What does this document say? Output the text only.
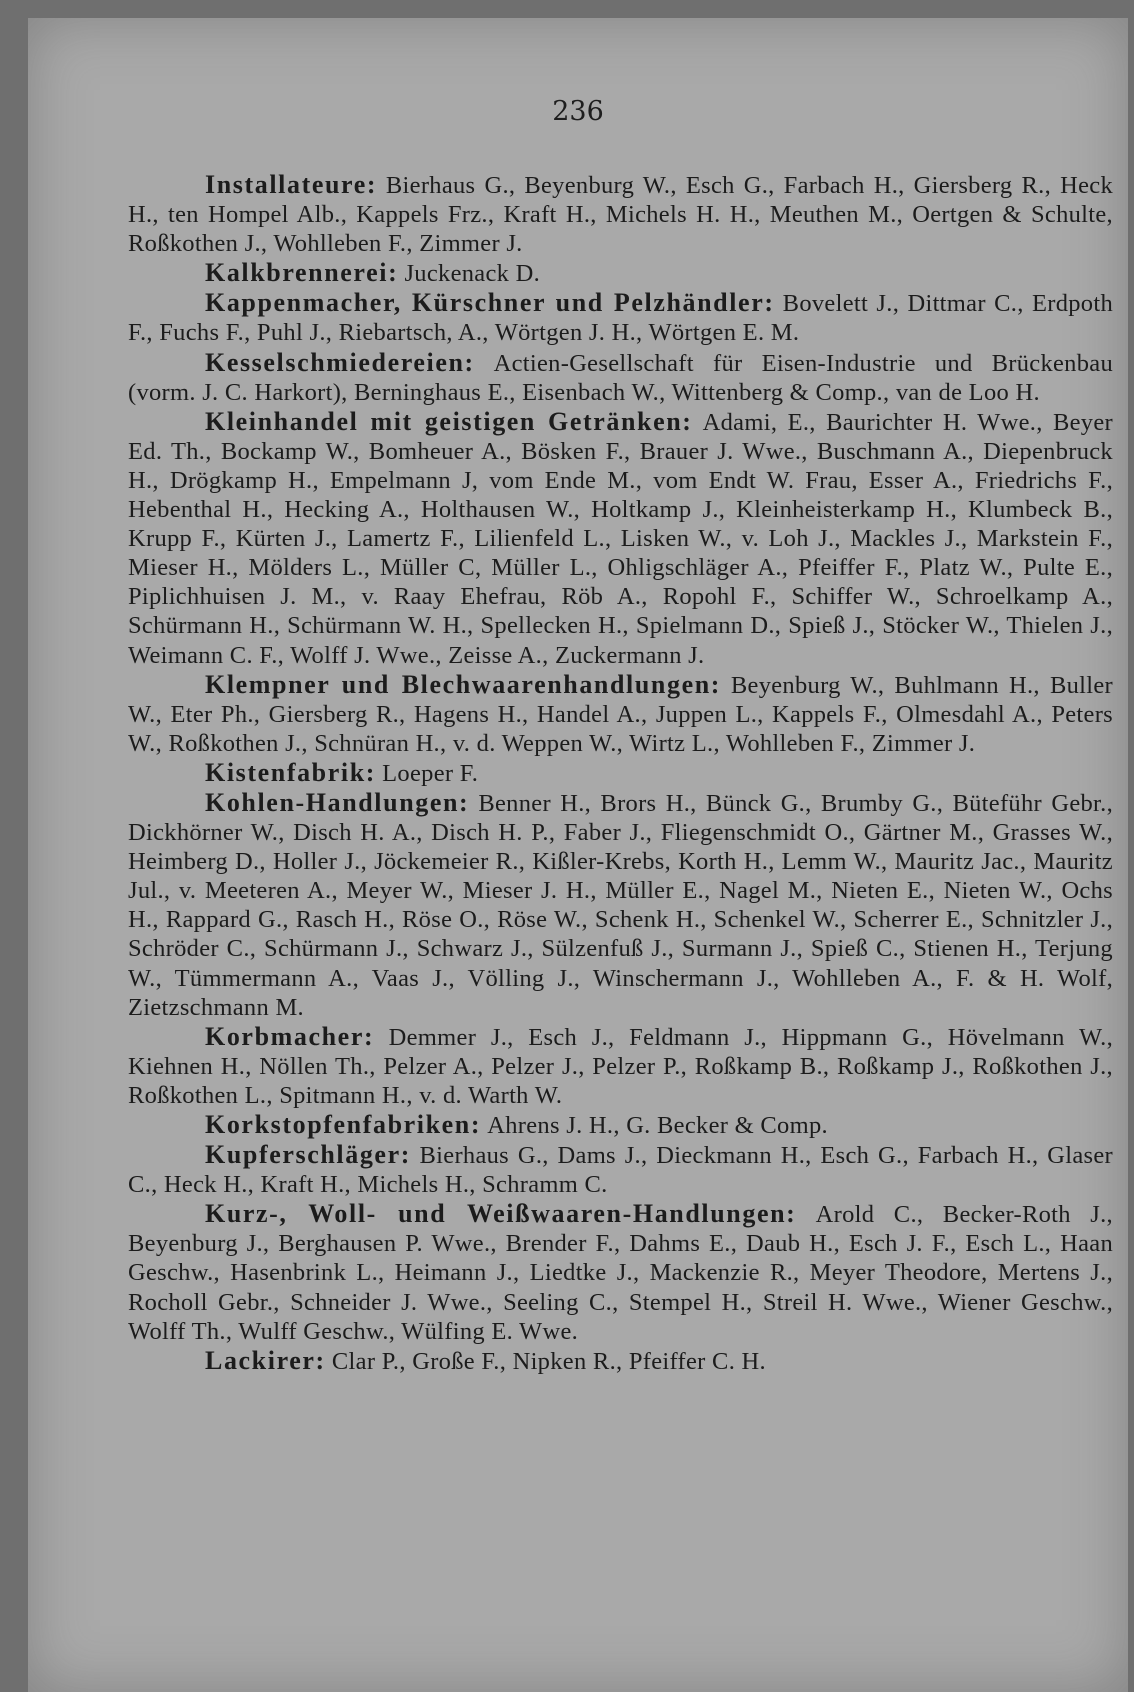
236

Installateure: Bierhaus G., Beyenburg W., Esch G., Farbach H., Giersberg R., Heck H., ten Hompel Alb., Kappels Frz., Kraft H., Michels H. H., Meuthen M., Oertgen & Schulte, Roßkothen J., Wohlleben F., Zimmer J.

Kalkbrennerei: Juckenack D.

Kappenmacher, Kürschner und Pelzhändler: Bovelett J., Dittmar C., Erdpoth F., Fuchs F., Puhl J., Riebartsch, A., Wörtgen J. H., Wörtgen E. M.

Kesselschmiedereien: Actien-Gesellschaft für Eisen-Industrie und Brückenbau (vorm. J. C. Harkort), Berninghaus E., Eisenbach W., Wittenberg & Comp., van de Loo H.

Kleinhandel mit geistigen Getränken: Adami, E., Baurichter H. Wwe., Beyer Ed. Th., Bockamp W., Bomheuer A., Bösken F., Brauer J. Wwe., Buschmann A., Diepenbruck H., Drögkamp H., Empelmann J, vom Ende M., vom Endt W. Frau, Esser A., Friedrichs F., Hebenthal H., Hecking A., Holthausen W., Holtkamp J., Kleinheisterkamp H., Klumbeck B., Krupp F., Kürten J., Lamertz F., Lilienfeld L., Lisken W., v. Loh J., Mackles J., Markstein F., Mieser H., Mölders L., Müller C, Müller L., Ohligschläger A., Pfeiffer F., Platz W., Pulte E., Piplichhuisen J. M., v. Raay Ehefrau, Röb A., Ropohl F., Schiffer W., Schroelkamp A., Schürmann H., Schürmann W. H., Spellecken H., Spielmann D., Spieß J., Stöcker W., Thielen J., Weimann C. F., Wolff J. Wwe., Zeisse A., Zuckermann J.

Klempner und Blechwaarenhandlungen: Beyenburg W., Buhlmann H., Buller W., Eter Ph., Giersberg R., Hagens H., Handel A., Juppen L., Kappels F., Olmesdahl A., Peters W., Roßkothen J., Schnüran H., v. d. Weppen W., Wirtz L., Wohlleben F., Zimmer J.

Kistenfabrik: Loeper F.

Kohlen-Handlungen: Benner H., Brors H., Bünck G., Brumby G., Büteführ Gebr., Dickhörner W., Disch H. A., Disch H. P., Faber J., Fliegenschmidt O., Gärtner M., Grasses W., Heimberg D., Holler J., Jöckemeier R., Kißler-Krebs, Korth H., Lemm W., Mauritz Jac., Mauritz Jul., v. Meeteren A., Meyer W., Mieser J. H., Müller E., Nagel M., Nieten E., Nieten W., Ochs H., Rappard G., Rasch H., Röse O., Röse W., Schenk H., Schenkel W., Scherrer E., Schnitzler J., Schröder C., Schürmann J., Schwarz J., Sülzenfuß J., Surmann J., Spieß C., Stienen H., Terjung W., Tümmermann A., Vaas J., Völling J., Winschermann J., Wohlleben A., F. & H. Wolf, Zietzschmann M.

Korbmacher: Demmer J., Esch J., Feldmann J., Hippmann G., Hövelmann W., Kiehnen H., Nöllen Th., Pelzer A., Pelzer J., Pelzer P., Roßkamp B., Roßkamp J., Roßkothen J., Roßkothen L., Spitmann H., v. d. Warth W.

Korkstopfenfabriken: Ahrens J. H., G. Becker & Comp.

Kupferschläger: Bierhaus G., Dams J., Dieckmann H., Esch G., Farbach H., Glaser C., Heck H., Kraft H., Michels H., Schramm C.

Kurz-, Woll- und Weißwaaren-Handlungen: Arold C., Becker-Roth J., Beyenburg J., Berghausen P. Wwe., Brender F., Dahms E., Daub H., Esch J. F., Esch L., Haan Geschw., Hasenbrink L., Heimann J., Liedtke J., Mackenzie R., Meyer Theodore, Mertens J., Rocholl Gebr., Schneider J. Wwe., Seeling C., Stempel H., Streil H. Wwe., Wiener Geschw., Wolff Th., Wulff Geschw., Wülfing E. Wwe.

Lackirer: Clar P., Große F., Nipken R., Pfeiffer C. H.
